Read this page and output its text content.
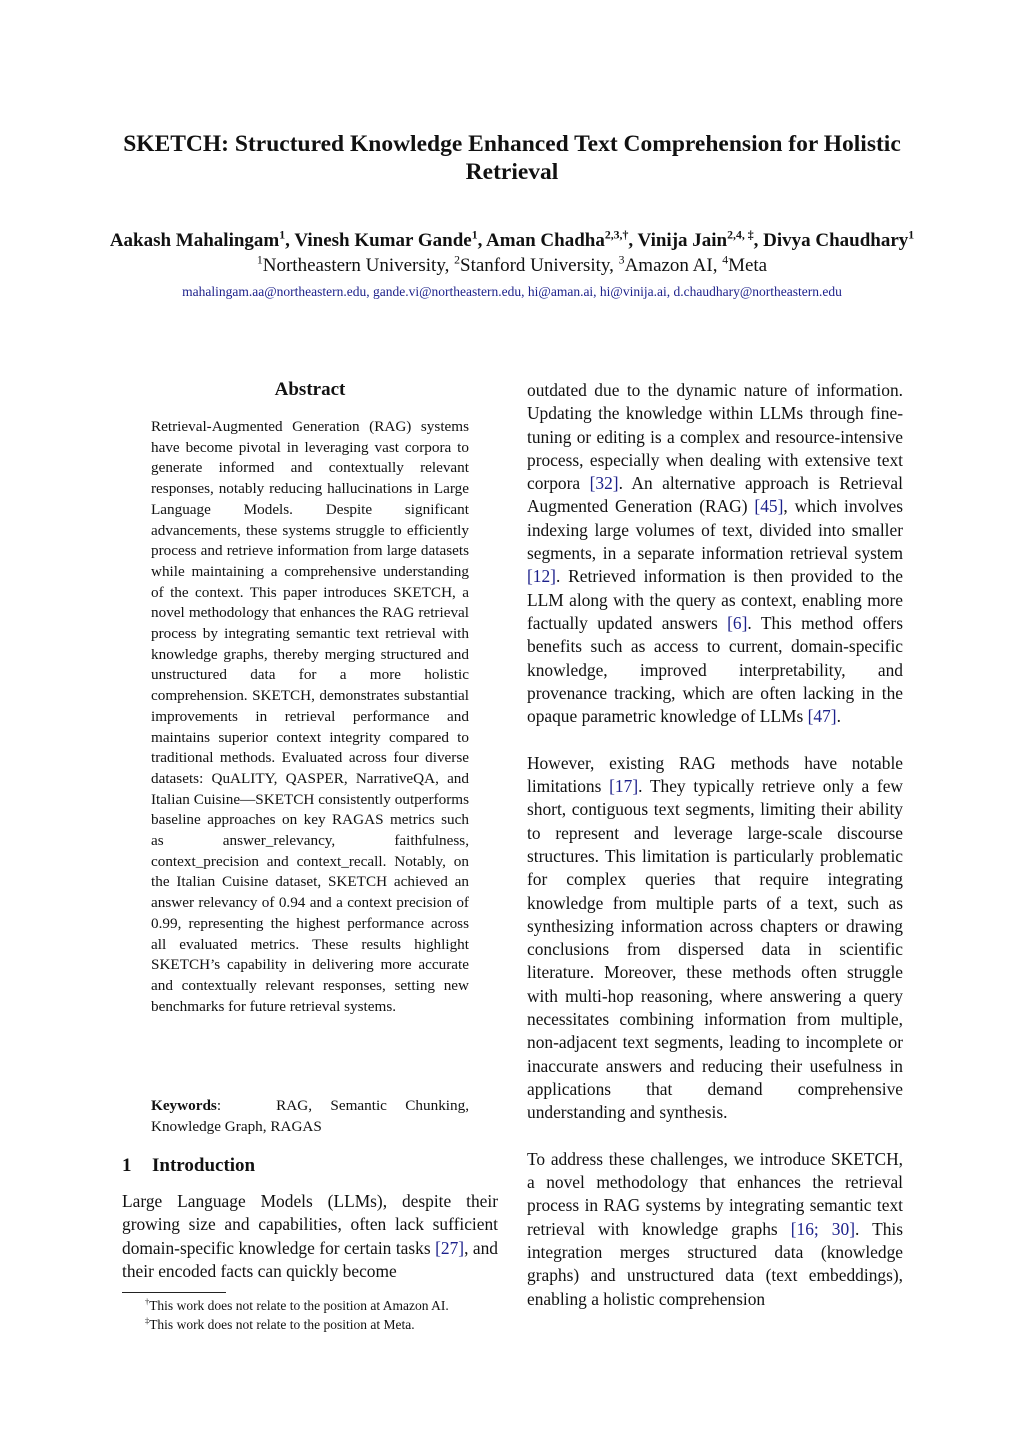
SKETCH: Structured Knowledge Enhanced Text Comprehension for Holistic Retrieval
Aakash Mahalingam$^1$, Vinesh Kumar Gande$^1$, Aman Chadha$^{2,3,\dagger}$, Vinija Jain$^{2,4, \ddagger}$, Divya Chaudhary$^1$
$^1$Northeastern University, $^2$Stanford University, $^3$Amazon AI, $^4$Meta
mahalingam.aa@northeastern.edu, gande.vi@northeastern.edu, hi@aman.ai, hi@vinija.ai, d.chaudhary@northeastern.edu
Abstract
Retrieval-Augmented Generation (RAG) systems have become pivotal in leveraging vast corpora to generate informed and contextually relevant responses, notably reducing hallucinations in Large Language Models. Despite significant advancements, these systems struggle to efficiently process and retrieve information from large datasets while maintaining a comprehensive understanding of the context. This paper introduces SKETCH, a novel methodology that enhances the RAG retrieval process by integrating semantic text retrieval with knowledge graphs, thereby merging structured and unstructured data for a more holistic comprehension. SKETCH, demonstrates substantial improvements in retrieval performance and maintains superior context integrity compared to traditional methods. Evaluated across four diverse datasets: QuALITY, QASPER, NarrativeQA, and Italian Cuisine—SKETCH consistently outperforms baseline approaches on key RAGAS metrics such as answer_relevancy, faithfulness, context_precision and context_recall. Notably, on the Italian Cuisine dataset, SKETCH achieved an answer relevancy of 0.94 and a context precision of 0.99, representing the highest performance across all evaluated metrics. These results highlight SKETCH’s capability in delivering more accurate and contextually relevant responses, setting new benchmarks for future retrieval systems.
Keywords:   RAG, Semantic Chunking, Knowledge Graph, RAGAS
1 Introduction
Large Language Models (LLMs), despite their growing size and capabilities, often lack sufficient domain-specific knowledge for certain tasks [27], and their encoded facts can quickly become
†This work does not relate to the position at Amazon AI.
‡This work does not relate to the position at Meta.

outdated due to the dynamic nature of information. Updating the knowledge within LLMs through fine-tuning or editing is a complex and resource-intensive process, especially when dealing with extensive text corpora [32]. An alternative approach is Retrieval Augmented Generation (RAG) [45], which involves indexing large volumes of text, divided into smaller segments, in a separate information retrieval system [12]. Retrieved information is then provided to the LLM along with the query as context, enabling more factually updated answers [6]. This method offers benefits such as access to current, domain-specific knowledge, improved interpretability, and provenance tracking, which are often lacking in the opaque parametric knowledge of LLMs [47].

However, existing RAG methods have notable limitations [17]. They typically retrieve only a few short, contiguous text segments, limiting their ability to represent and leverage large-scale discourse structures. This limitation is particularly problematic for complex queries that require integrating knowledge from multiple parts of a text, such as synthesizing information across chapters or drawing conclusions from dispersed data in scientific literature. Moreover, these methods often struggle with multi-hop reasoning, where answering a query necessitates combining information from multiple, non-adjacent text segments, leading to incomplete or inaccurate answers and reducing their usefulness in applications that demand comprehensive understanding and synthesis.

To address these challenges, we introduce SKETCH, a novel methodology that enhances the retrieval process in RAG systems by integrating semantic text retrieval with knowledge graphs [16; 30]. This integration merges structured data (knowledge graphs) and unstructured data (text embeddings), enabling a holistic comprehension
